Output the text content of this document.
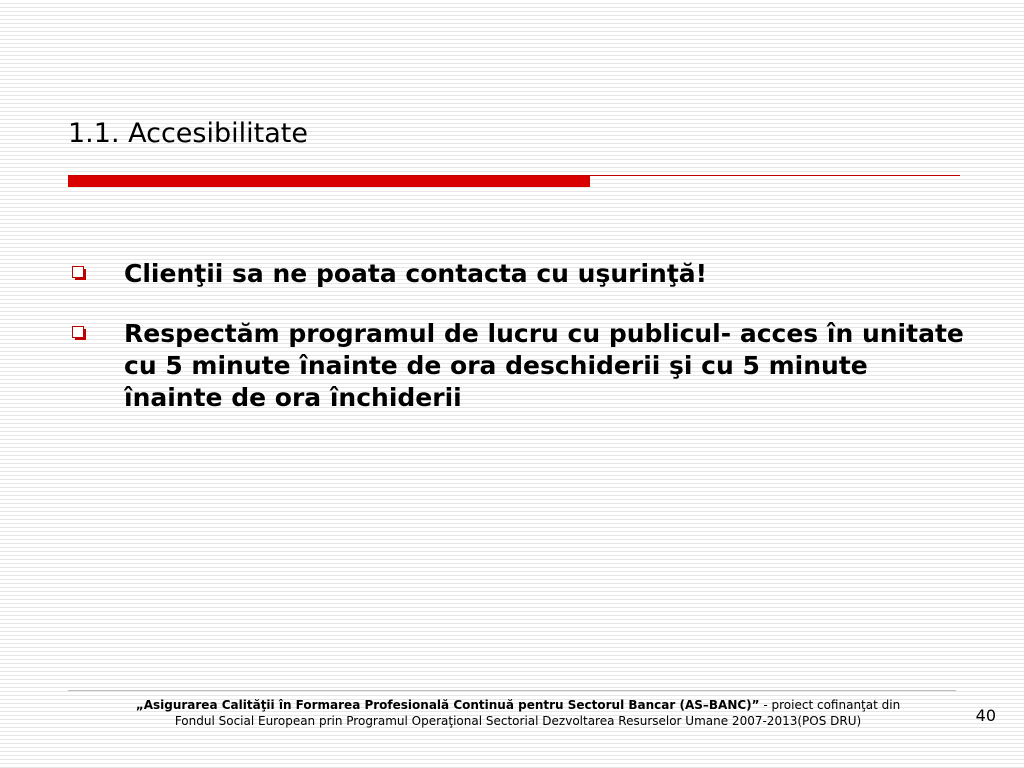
1.1. Accesibilitate
Clienţii sa ne poata contacta cu uşurinţă!
Respectăm programul de lucru cu publicul- acces în unitate cu 5 minute înainte de ora deschiderii şi cu 5 minute înainte de ora închiderii
„Asigurarea Calităţii în Formarea Profesională Continuă pentru Sectorul Bancar (AS–BANC)” - proiect cofinanţat din
Fondul Social European prin Programul Operaţional Sectorial Dezvoltarea Resurselor Umane 2007-2013(POS DRU)	40
